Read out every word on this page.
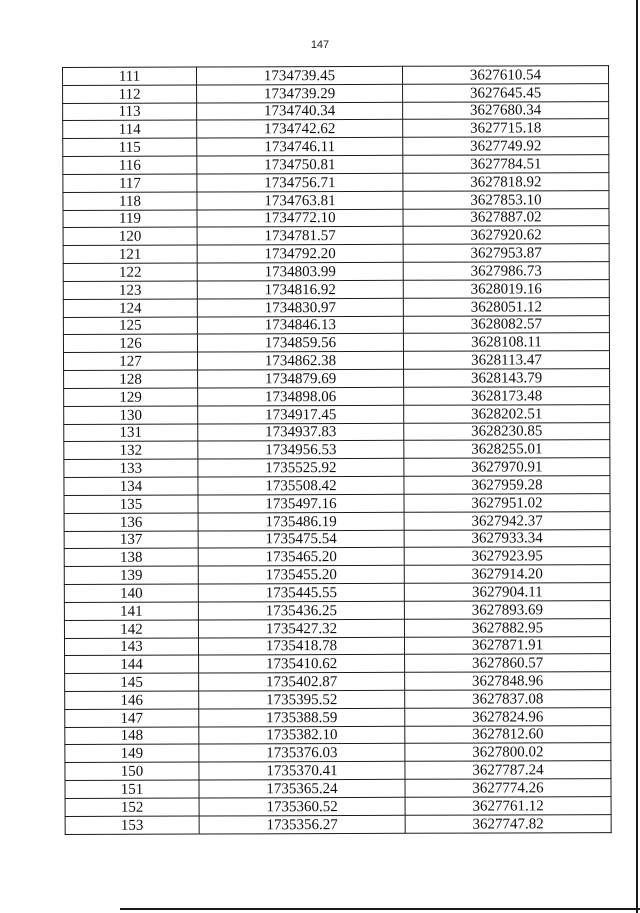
147
111	1734739.45	3627610.54
112	1734739.29	3627645.45
113	1734740.34	3627680.34
114	1734742.62	3627715.18
115	1734746.11	3627749.92
116	1734750.81	3627784.51
117	1734756.71	3627818.92
118	1734763.81	3627853.10
119	1734772.10	3627887.02
120	1734781.57	3627920.62
121	1734792.20	3627953.87
122	1734803.99	3627986.73
123	1734816.92	3628019.16
124	1734830.97	3628051.12
125	1734846.13	3628082.57
126	1734859.56	3628108.11
127	1734862.38	3628113.47
128	1734879.69	3628143.79
129	1734898.06	3628173.48
130	1734917.45	3628202.51
131	1734937.83	3628230.85
132	1734956.53	3628255.01
133	1735525.92	3627970.91
134	1735508.42	3627959.28
135	1735497.16	3627951.02
136	1735486.19	3627942.37
137	1735475.54	3627933.34
138	1735465.20	3627923.95
139	1735455.20	3627914.20
140	1735445.55	3627904.11
141	1735436.25	3627893.69
142	1735427.32	3627882.95
143	1735418.78	3627871.91
144	1735410.62	3627860.57
145	1735402.87	3627848.96
146	1735395.52	3627837.08
147	1735388.59	3627824.96
148	1735382.10	3627812.60
149	1735376.03	3627800.02
150	1735370.41	3627787.24
151	1735365.24	3627774.26
152	1735360.52	3627761.12
153	1735356.27	3627747.82
